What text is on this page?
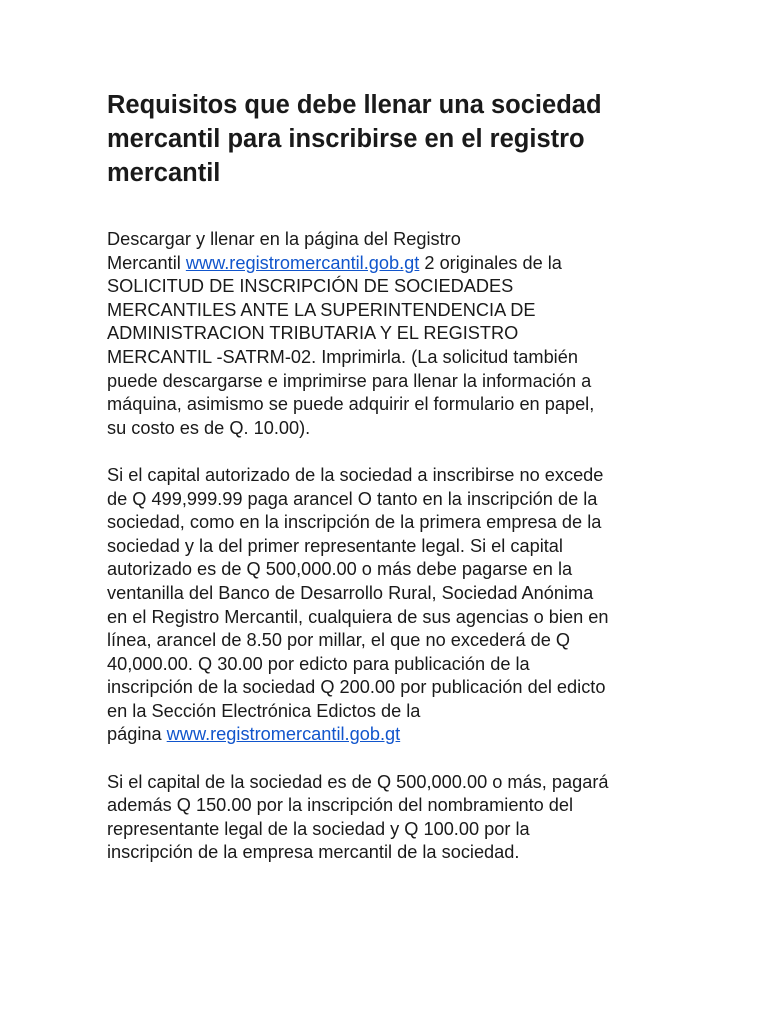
Requisitos que debe llenar una sociedad
mercantil para inscribirse en el registro
mercantil

Descargar y llenar en la página del Registro
Mercantil www.registromercantil.gob.gt 2 originales de la
SOLICITUD DE INSCRIPCIÓN DE SOCIEDADES
MERCANTILES ANTE LA SUPERINTENDENCIA DE
ADMINISTRACION TRIBUTARIA Y EL REGISTRO
MERCANTIL -SATRM-02. Imprimirla. (La solicitud también
puede descargarse e imprimirse para llenar la información a
máquina, asimismo se puede adquirir el formulario en papel,
su costo es de Q. 10.00).

Si el capital autorizado de la sociedad a inscribirse no excede
de Q 499,999.99 paga arancel O tanto en la inscripción de la
sociedad, como en la inscripción de la primera empresa de la
sociedad y la del primer representante legal. Si el capital
autorizado es de Q 500,000.00 o más debe pagarse en la
ventanilla del Banco de Desarrollo Rural, Sociedad Anónima
en el Registro Mercantil, cualquiera de sus agencias o bien en
línea, arancel de 8.50 por millar, el que no excederá de Q
40,000.00. Q 30.00 por edicto para publicación de la
inscripción de la sociedad Q 200.00 por publicación del edicto
en la Sección Electrónica Edictos de la
página www.registromercantil.gob.gt

Si el capital de la sociedad es de Q 500,000.00 o más, pagará
además Q 150.00 por la inscripción del nombramiento del
representante legal de la sociedad y Q 100.00 por la
inscripción de la empresa mercantil de la sociedad.
